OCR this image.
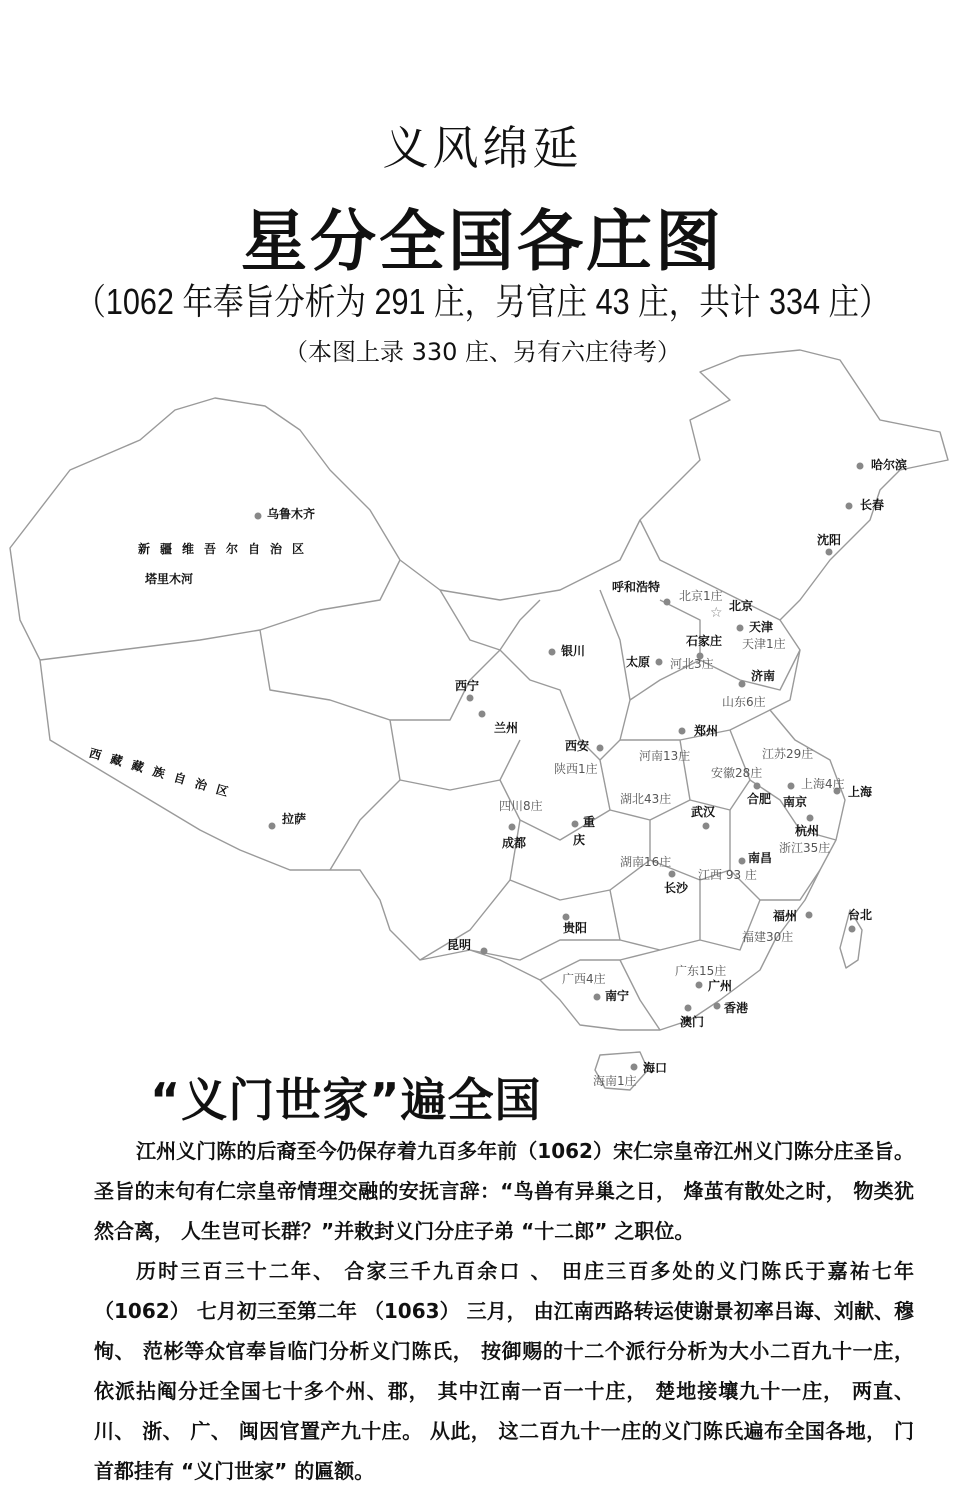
义风绵延
星分全国各庄图
（1062 年奉旨分析为 291 庄，另官庄 43 庄，共计 334 庄）
（本图上录 330 庄、另有六庄待考）
☆
新疆维吾尔自治区
西藏藏族自治区
哈尔滨
长春
沈阳
乌鲁木齐
塔里木河
呼和浩特
北京
天津
石家庄
太原
济南
银川
西宁
兰州	郑州
西安
合肥 南京
上海
拉萨	武汉
杭州
成都
重
庆
南昌
长沙
福州	台北
贵阳
昆明
广州
南宁
香港
澳门
海口
北京1庄
天津1庄
河北3庄
山东6庄
河南13庄	江苏29庄
安徽28庄
陕西1庄
上海4庄
湖北43庄
四川8庄
浙江35庄
湖南16庄
江西 93 庄
福建30庄
广东15庄
广西4庄
海南1庄
“义门世家”遍全国
江州义门陈的后裔至今仍保存着九百多年前（1062）宋仁宗皇帝江州义门陈分庄圣旨。 圣旨的末句有仁宗皇帝情理交融的安抚言辞：“鸟兽有异巢之日， 烽茧有散处之时， 物类犹然合离， 人生岂可长群？”并敕封义门分庄子弟 “十二郎” 之职位。
历时三百三十二年、 合家三千九百余口 、 田庄三百多处的义门陈氏于嘉祐七年（1062） 七月初三至第二年 （1063） 三月， 由江南西路转运使谢景初率吕诲、刘献、穆恂、 范彬等众官奉旨临门分析义门陈氏， 按御赐的十二个派行分析为大小二百九十一庄， 依派拈阄分迁全国七十多个州、郡， 其中江南一百一十庄， 楚地接壤九十一庄， 两直、 川、 浙、 广、 闽因官置产九十庄。 从此， 这二百九十一庄的义门陈氏遍布全国各地， 门首都挂有 “义门世家” 的匾额。
